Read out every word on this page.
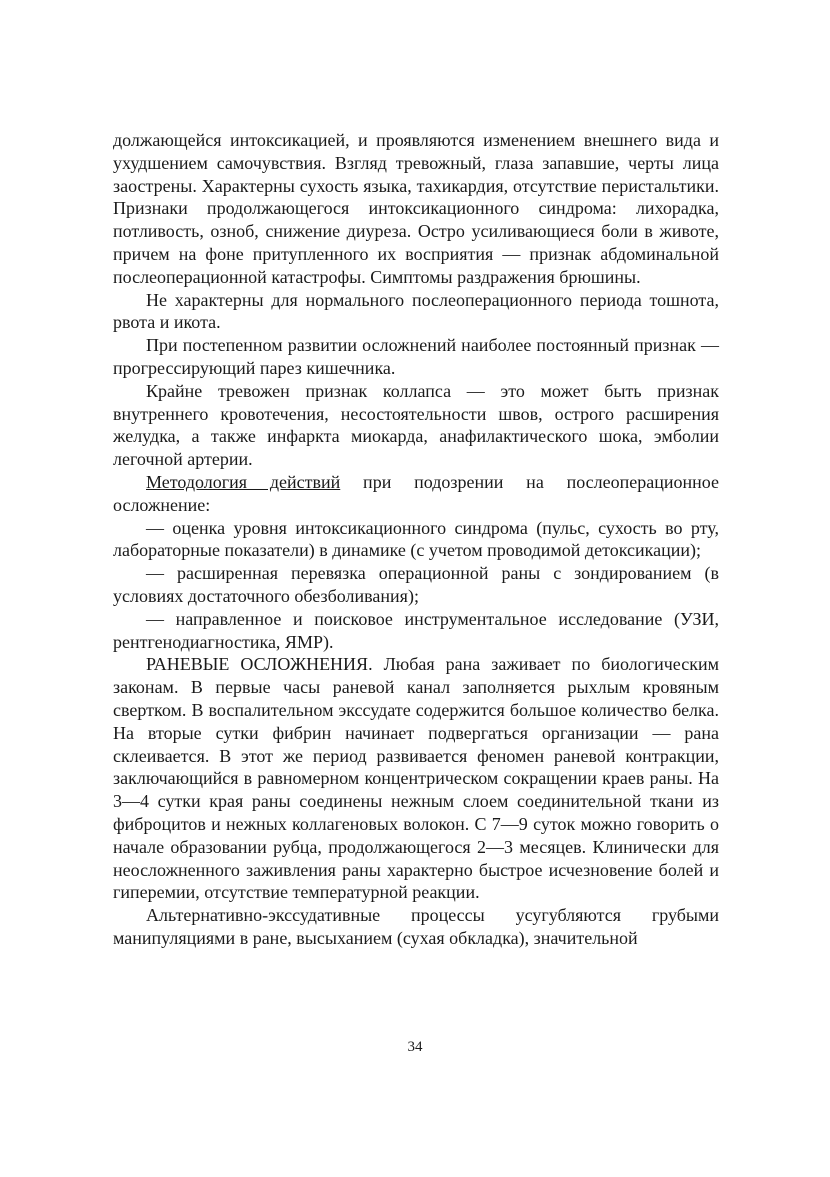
должающейся интоксикацией, и проявляются изменением внешнего вида и ухудшением самочувствия. Взгляд тревожный, глаза запавшие, черты лица заострены. Характерны сухость языка, тахикардия, отсутствие перистальтики. Признаки продолжающегося интоксикационного синдрома: лихорадка, потливость, озноб, снижение диуреза. Остро усиливающиеся боли в животе, причем на фоне притупленного их восприятия — признак абдоминальной послеоперационной катастрофы. Симптомы раздражения брюшины.

Не характерны для нормального послеоперационного периода тошнота, рвота и икота.

При постепенном развитии осложнений наиболее постоянный признак — прогрессирующий парез кишечника.

Крайне тревожен признак коллапса — это может быть признак внутреннего кровотечения, несостоятельности швов, острого расширения желудка, а также инфаркта миокарда, анафилактического шока, эмболии легочной артерии.

Методология действий при подозрении на послеоперационное осложнение:

— оценка уровня интоксикационного синдрома (пульс, сухость во рту, лабораторные показатели) в динамике (с учетом проводимой детоксикации);

— расширенная перевязка операционной раны с зондированием (в условиях достаточного обезболивания);

— направленное и поисковое инструментальное исследование (УЗИ, рентгенодиагностика, ЯМР).

РАНЕВЫЕ ОСЛОЖНЕНИЯ. Любая рана заживает по биологическим законам. В первые часы раневой канал заполняется рыхлым кровяным свертком. В воспалительном экссудате содержится большое количество белка. На вторые сутки фибрин начинает подвергаться организации — рана склеивается. В этот же период развивается феномен раневой контракции, заключающийся в равномерном концентрическом сокращении краев раны. На 3—4 сутки края раны соединены нежным слоем соединительной ткани из фиброцитов и нежных коллагеновых волокон. С 7—9 суток можно говорить о начале образовании рубца, продолжающегося 2—3 месяцев. Клинически для неосложненного заживления раны характерно быстрое исчезновение болей и гиперемии, отсутствие температурной реакции.

Альтернативно-экссудативные процессы усугубляются грубыми манипуляциями в ране, высыханием (сухая обкладка), значительной

34
